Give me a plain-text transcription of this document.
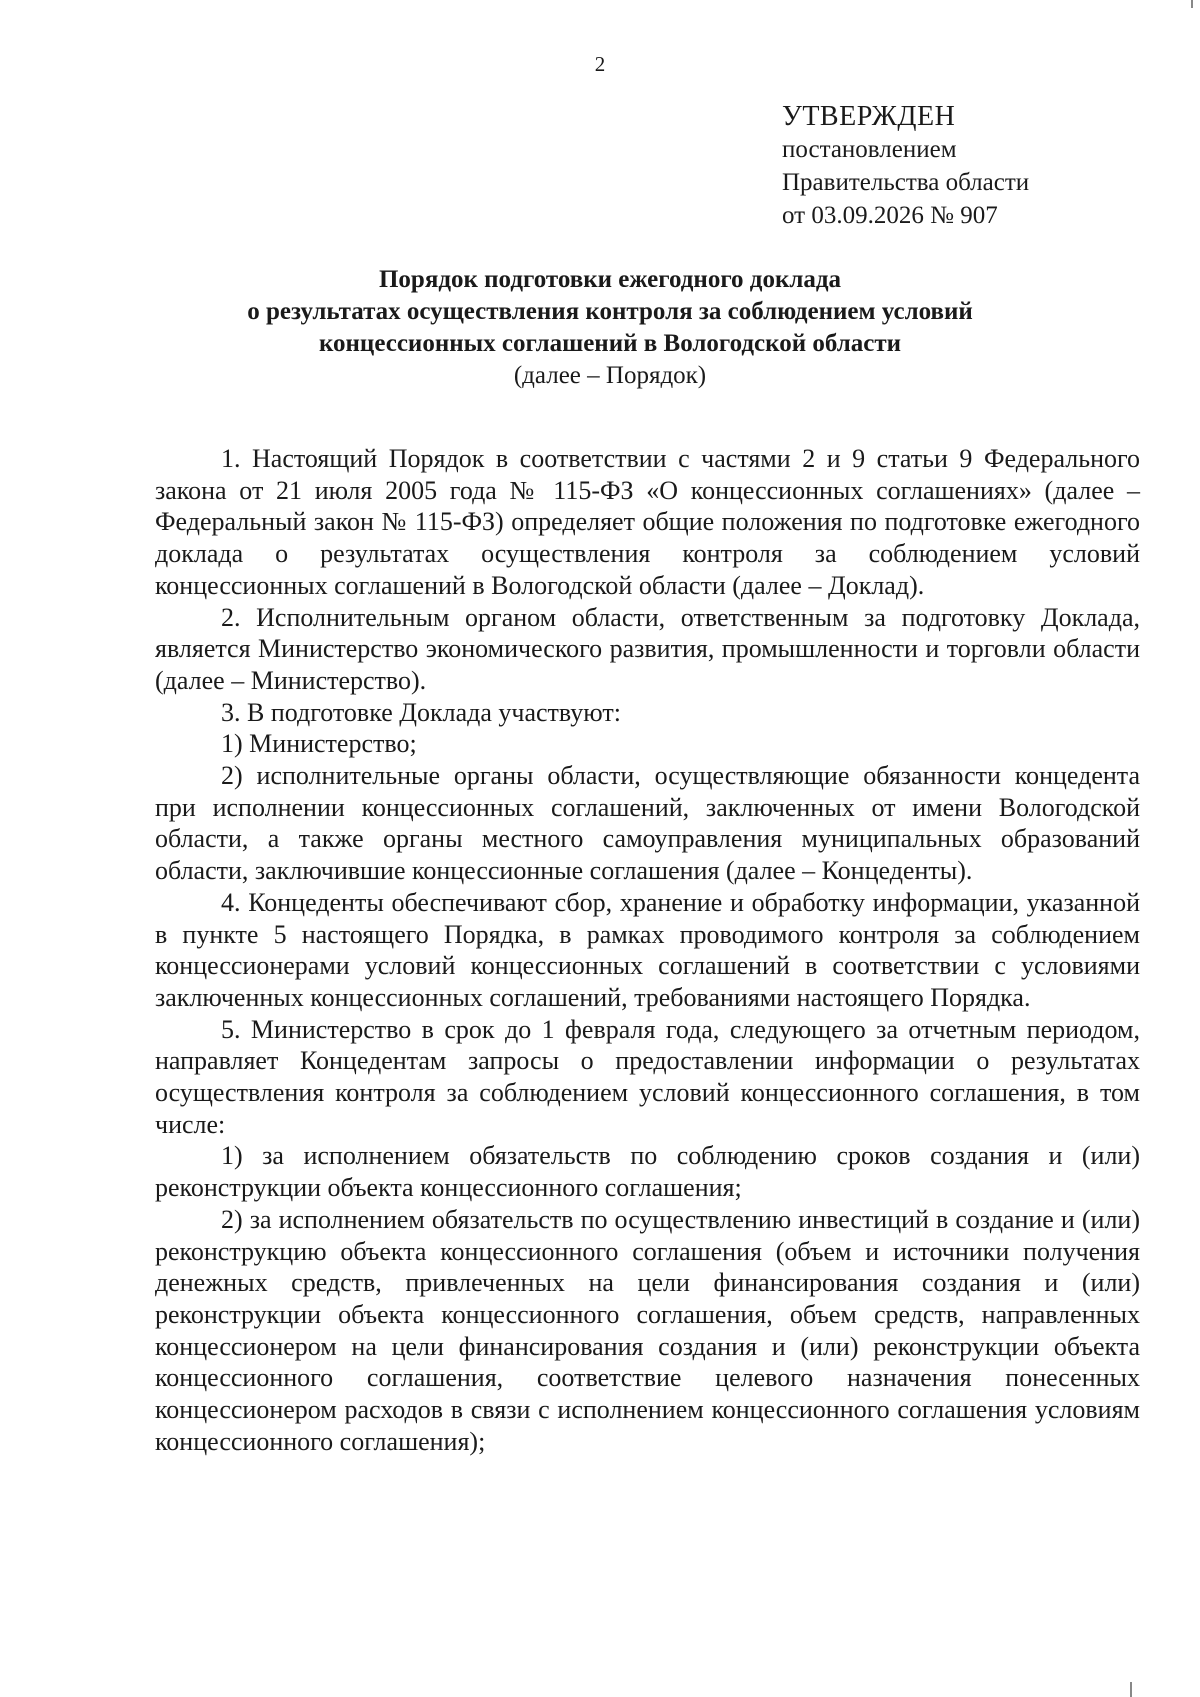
2
УТВЕРЖДЕН
постановлением
Правительства области
от 03.09.2026 № 907
Порядок подготовки ежегодного доклада
о результатах осуществления контроля за соблюдением условий
концессионных соглашений в Вологодской области
(далее – Порядок)

1. Настоящий Порядок в соответствии с частями 2 и 9 статьи 9 Федерального закона от 21 июля 2005 года № 115-ФЗ «О концессионных соглашениях» (далее – Федеральный закон № 115-ФЗ) определяет общие положения по подготовке ежегодного доклада о результатах осуществления контроля за соблюдением условий концессионных соглашений в Вологодской области (далее – Доклад).

2. Исполнительным органом области, ответственным за подготовку Доклада, является Министерство экономического развития, промышленности и торговли области (далее – Министерство).

3. В подготовке Доклада участвуют:

1) Министерство;

2) исполнительные органы области, осуществляющие обязанности концедента при исполнении концессионных соглашений, заключенных от имени Вологодской области, а также органы местного самоуправления муниципальных образований области, заключившие концессионные соглашения (далее – Концеденты).

4. Концеденты обеспечивают сбор, хранение и обработку информации, указанной в пункте 5 настоящего Порядка, в рамках проводимого контроля за соблюдением концессионерами условий концессионных соглашений в соответствии с условиями заключенных концессионных соглашений, требованиями настоящего Порядка.

5. Министерство в срок до 1 февраля года, следующего за отчетным периодом, направляет Концедентам запросы о предоставлении информации о результатах осуществления контроля за соблюдением условий концессионного соглашения, в том числе:

1) за исполнением обязательств по соблюдению сроков создания и (или) реконструкции объекта концессионного соглашения;

2) за исполнением обязательств по осуществлению инвестиций в создание и (или) реконструкцию объекта концессионного соглашения (объем и источники получения денежных средств, привлеченных на цели финансирования создания и (или) реконструкции объекта концессионного соглашения, объем средств, направленных концессионером на цели финансирования создания и (или) реконструкции объекта концессионного соглашения, соответствие целевого назначения понесенных концессионером расходов в связи с исполнением концессионного соглашения условиям концессионного соглашения);
